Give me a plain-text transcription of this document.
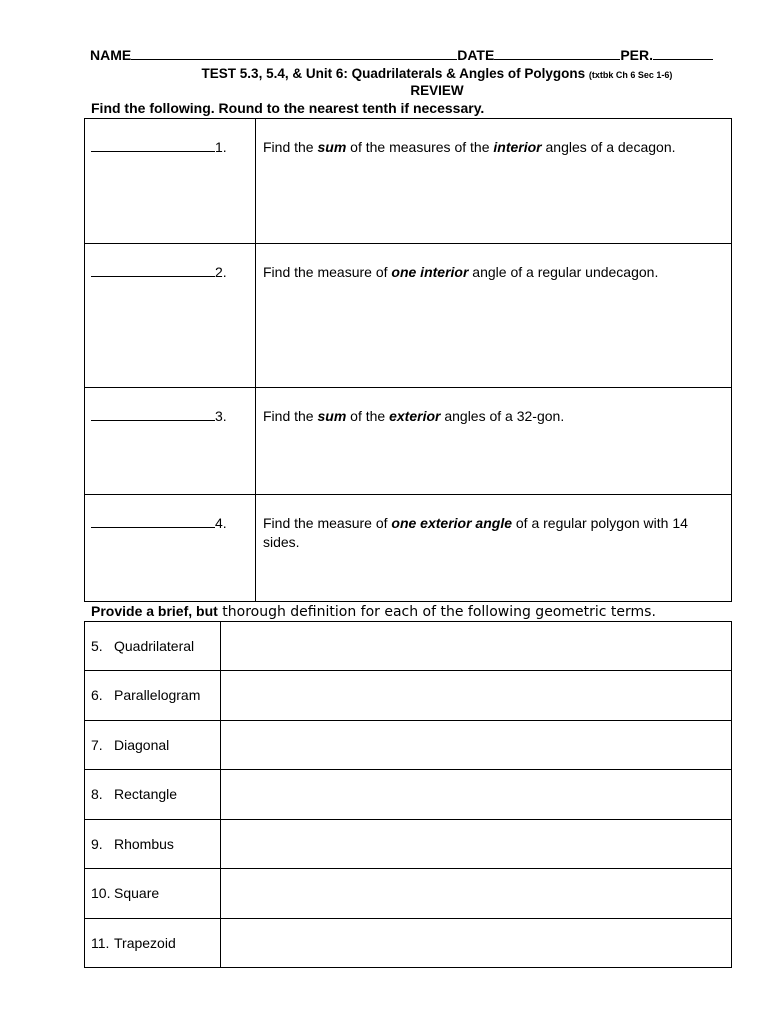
NAME	DATE	PER.
TEST 5.3, 5.4, & Unit 6: Quadrilaterals & Angles of Polygons (txtbk Ch 6 Sec 1-6)
REVIEW
Find the following. Round to the nearest tenth if necessary.
1.	Find the sum of the measures of the interior angles of a decagon.
2.	Find the measure of one interior angle of a regular undecagon.
3.	Find the sum of the exterior angles of a 32-gon.
4.	Find the measure of one exterior angle of a regular polygon with 14 sides.
Provide a brief, but thorough definition for each of the following geometric terms.
5. Quadrilateral	
6. Parallelogram	
7. Diagonal	
8. Rectangle	
9. Rhombus	
10. Square	
11. Trapezoid	
